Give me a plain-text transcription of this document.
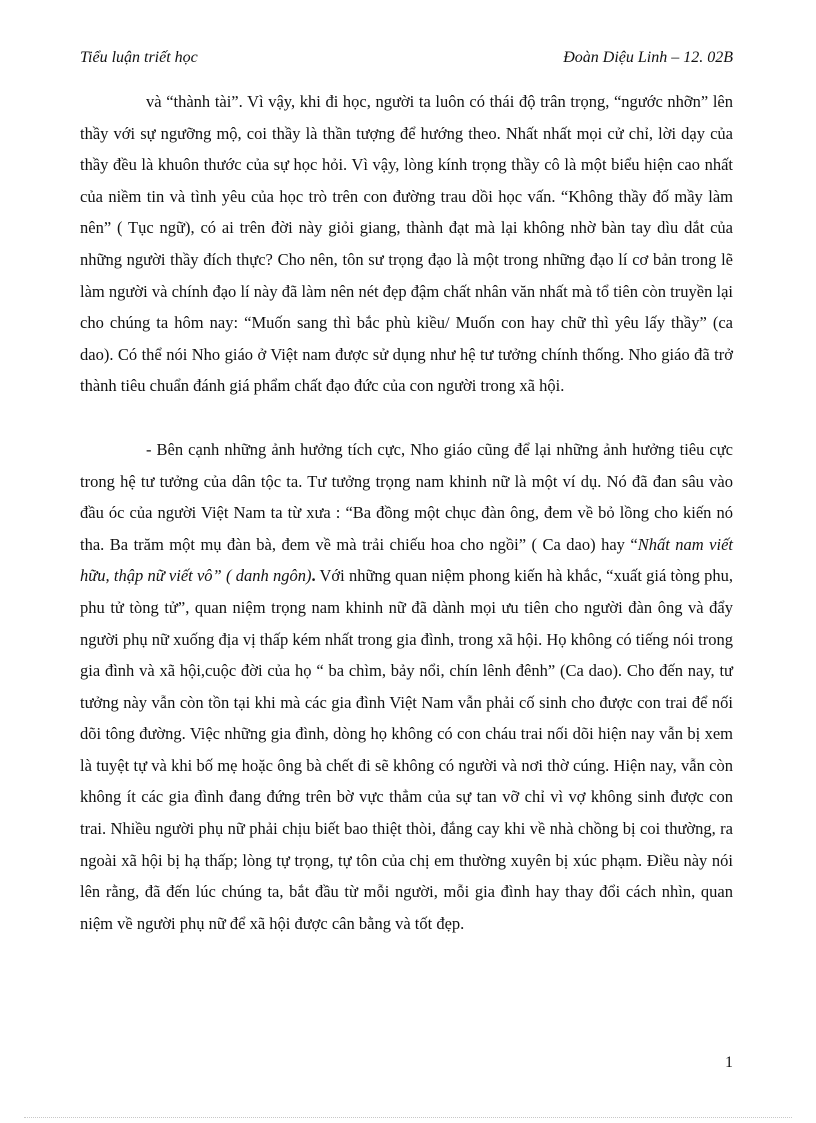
Tiểu luận triết học	Đoàn Diệu Linh – 12. 02B

và “thành tài”. Vì vậy, khi đi học, người ta luôn có thái độ trân trọng, “ngước nhỡn” lên thầy với sự ngưỡng mộ, coi thầy là thần tượng để hướng theo. Nhất nhất mọi cử chỉ, lời dạy của thầy đều là khuôn thước của sự học hỏi. Vì vậy, lòng kính trọng thầy cô là một biểu hiện cao nhất của niềm tin và tình yêu của học trò trên con đường trau dồi học vấn. “Không thầy đố mầy làm nên” ( Tục ngữ), có ai trên đời này giỏi giang, thành đạt mà lại không nhờ bàn tay dìu dắt của những người thầy đích thực? Cho nên, tôn sư trọng đạo là một trong những đạo lí cơ bản trong lẽ làm người và chính đạo lí này đã làm nên nét đẹp đậm chất nhân văn nhất mà tổ tiên còn truyền lại cho chúng ta hôm nay: “Muốn sang thì bắc phù kiều/ Muốn con hay chữ thì yêu lấy thầy” (ca dao). Có thể nói Nho giáo ở Việt nam được sử dụng như hệ tư tưởng chính thống. Nho giáo đã trở thành tiêu chuẩn đánh giá phẩm chất đạo đức của con người trong xã hội.

- Bên cạnh những ảnh hưởng tích cực, Nho giáo cũng để lại những ảnh hưởng tiêu cực trong hệ tư tưởng của dân tộc ta. Tư tưởng trọng nam khinh nữ là một ví dụ. Nó đã đan sâu vào đầu óc của người Việt Nam ta từ xưa : “Ba đồng một chục đàn ông, đem về bỏ lồng cho kiến nó tha. Ba trăm một mụ đàn bà, đem về mà trải chiếu hoa cho ngồi” ( Ca dao) hay “Nhất nam viết hữu, thập nữ viết vô” ( danh ngôn). Với những quan niệm phong kiến hà khắc, “xuất giá tòng phu, phu tử tòng tử”, quan niệm trọng nam khinh nữ đã dành mọi ưu tiên cho người đàn ông và đẩy người phụ nữ xuống địa vị thấp kém nhất trong gia đình, trong xã hội. Họ không có tiếng nói trong gia đình và xã hội,cuộc đời của họ “ ba chìm, bảy nổi, chín lênh đênh” (Ca dao). Cho đến nay, tư tưởng này vẫn còn tồn tại khi mà các gia đình Việt Nam vẫn phải cố sinh cho được con trai để nối dõi tông đường. Việc những gia đình, dòng họ không có con cháu trai nối dõi hiện nay vẫn bị xem là tuyệt tự và khi bố mẹ hoặc ông bà chết đi sẽ không có người và nơi thờ cúng. Hiện nay, vẫn còn không ít các gia đình đang đứng trên bờ vực thẳm của sự tan vỡ chỉ vì vợ không sinh được con trai. Nhiều người phụ nữ phải chịu biết bao thiệt thòi, đắng cay khi về nhà chồng bị coi thường, ra ngoài xã hội bị hạ thấp; lòng tự trọng, tự tôn của chị em thường xuyên bị xúc phạm. Điều này nói lên rằng, đã đến lúc chúng ta, bắt đầu từ mỗi người, mỗi gia đình hay thay đổi cách nhìn, quan niệm về người phụ nữ để xã hội được cân bằng và tốt đẹp.

1
